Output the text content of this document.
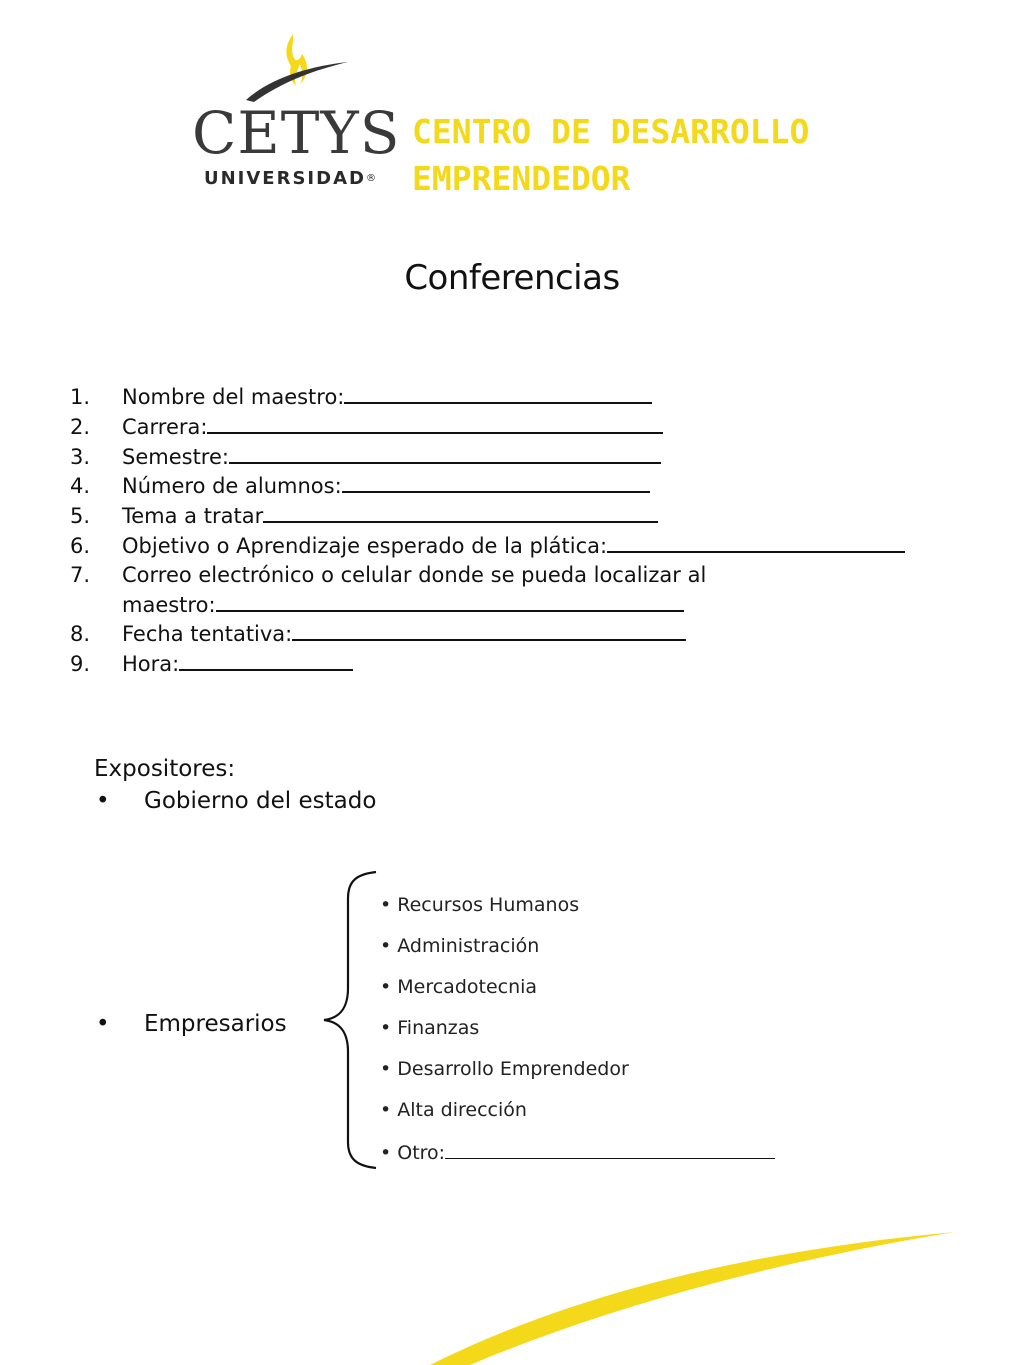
CETYS
UNIVERSIDAD®
CENTRO DE DESARROLLO
EMPRENDEDOR
Conferencias
1. Nombre del maestro:
2. Carrera:
3. Semestre:
4. Número de alumnos:
5. Tema a tratar
6. Objetivo o Aprendizaje esperado de la plática:
7. Correo electrónico o celular donde se pueda localizar al
maestro:
8. Fecha tentativa:
9. Hora:
Expositores:
• Gobierno del estado
• Empresarios
• Recursos Humanos
• Administración
• Mercadotecnia
• Finanzas
• Desarrollo Emprendedor
• Alta dirección
• Otro:
